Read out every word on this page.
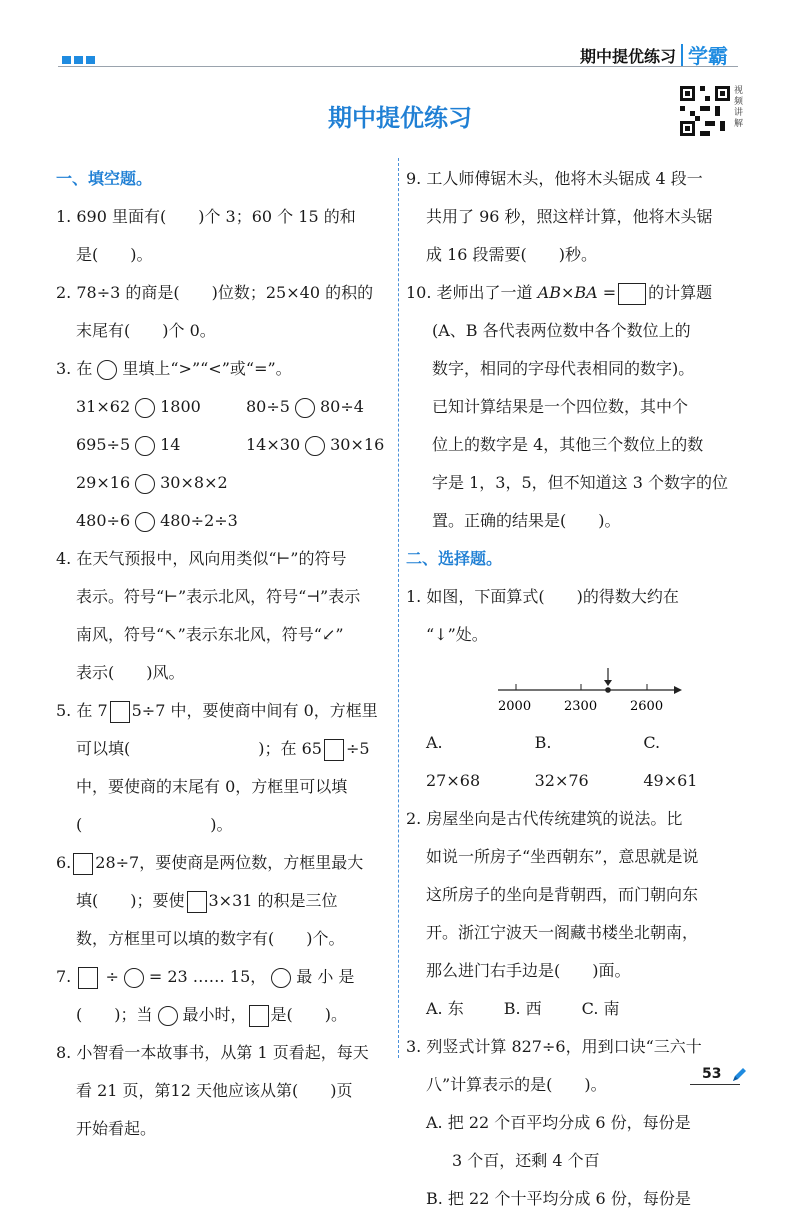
期中提优练习 学霸
期中提优练习
视频讲解
一、填空题。
1. 690 里面有(　　)个 3；60 个 15 的和
是(　　)。
2. 78÷3 的商是(　　)位数；25×40 的积的
末尾有(　　)个 0。
3. 在 里填上“>”“<”或“=”。
31×62 1800	80÷5 80÷4
695÷5 14	14×30 30×16
29×16 30×8×2
480÷6 480÷2÷3
4. 在天气预报中，风向用类似“⊢”的符号
表示。符号“⊢”表示北风，符号“⊣”表示
南风，符号“↖”表示东北风，符号“↙”
表示(　　)风。
5. 在 7 5÷7 中，要使商中间有 0，方框里
可以填(　　　　　　　　)；在 65 ÷5
中，要使商的末尾有 0，方框里可以填
(　　　　　　　　)。
6. 28÷7，要使商是两位数，方框里最大
填(　　)；要使 3×31 的积是三位
数，方框里可以填的数字有(　　)个。
7. ÷ = 23 …… 15， 最 小 是
(　　)；当 最小时， 是(　　)。
8. 小智看一本故事书，从第 1 页看起，每天
看 21 页，第12 天他应该从第(　　)页
开始看起。
9. 工人师傅锯木头，他将木头锯成 4 段一
共用了 96 秒，照这样计算，他将木头锯
成 16 段需要(　　)秒。
10. 老师出了一道 AB×BA = 的计算题
(A、B 各代表两位数中各个数位上的
数字，相同的字母代表相同的数字)。
已知计算结果是一个四位数，其中个
位上的数字是 4，其他三个数位上的数
字是 1，3，5，但不知道这 3 个数字的位
置。正确的结果是(　　)。
二、选择题。
1. 如图，下面算式(　　)的得数大约在
“↓”处。
2000	2300	2600
A. 27×68
B. 32×76
C. 49×61
2. 房屋坐向是古代传统建筑的说法。比
如说一所房子“坐西朝东”，意思就是说
这所房子的坐向是背朝西，而门朝向东
开。浙江宁波天一阁藏书楼坐北朝南，
那么进门右手边是(　　)面。
A. 东	B. 西	C. 南
3. 列竖式计算 827÷6，用到口诀“三六十
八”计算表示的是(　　)。
A. 把 22 个百平均分成 6 份，每份是
3 个百，还剩 4 个百
B. 把 22 个十平均分成 6 份，每份是
53
